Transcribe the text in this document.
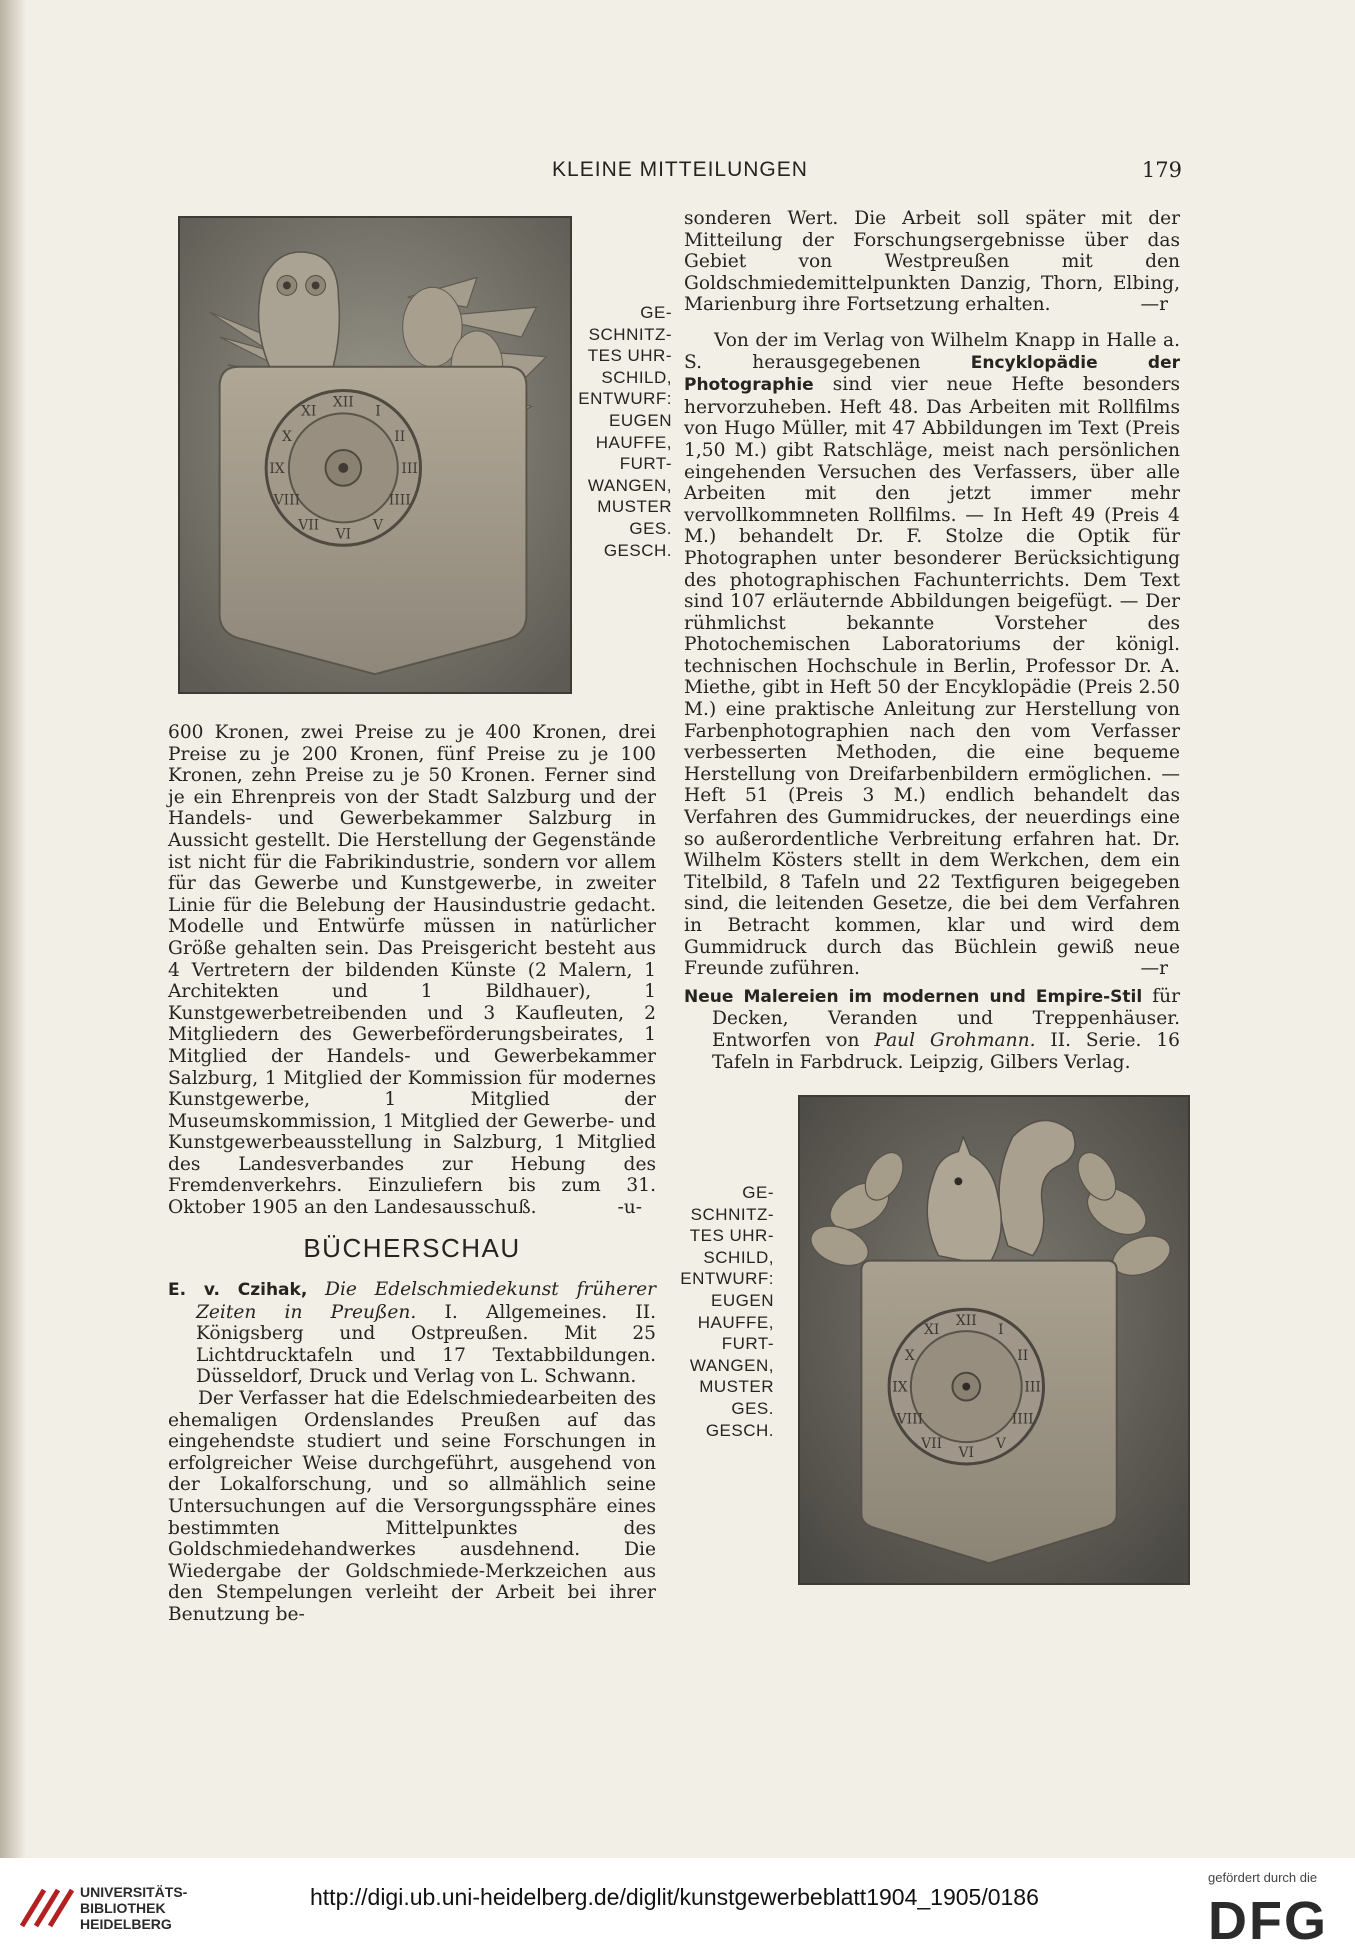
KLEINE MITTEILUNGEN	179
XII
I
II
III
IIII
V
VI
VII
VIII
IX
X
XI
GE-
SCHNITZ-
TES UHR-
SCHILD,
ENTWURF:
EUGEN
HAUFFE,
FURT-
WANGEN,
MUSTER
GES.
GESCH.

600 Kronen, zwei Preise zu je 400 Kronen, drei Preise zu je 200 Kronen, fünf Preise zu je 100 Kronen, zehn Preise zu je 50 Kronen. Ferner sind je ein Ehrenpreis von der Stadt Salzburg und der Handels- und Gewerbekammer Salzburg in Aussicht gestellt. Die Herstellung der Gegenstände ist nicht für die Fabrikindustrie, sondern vor allem für das Gewerbe und Kunstgewerbe, in zweiter Linie für die Belebung der Hausindustrie gedacht. Modelle und Entwürfe müssen in natürlicher Größe gehalten sein. Das Preisgericht besteht aus 4 Vertretern der bildenden Künste (2 Malern, 1 Architekten und 1 Bildhauer), 1 Kunstgewerbetreibenden und 3 Kaufleuten, 2 Mitgliedern des Gewerbeförderungsbeirates, 1 Mitglied der Handels- und Gewerbekammer Salzburg, 1 Mitglied der Kommission für modernes Kunstgewerbe, 1 Mitglied der Museumskommission, 1 Mitglied der Gewerbe- und Kunstgewerbeausstellung in Salzburg, 1 Mitglied des Landesverbandes zur Hebung des Fremdenverkehrs. Einzuliefern bis zum 31. Oktober 1905 an den Landesausschuß.	-u-

BÜCHERSCHAU

E. v. Czihak, Die Edelschmiedekunst früherer Zeiten in Preußen. I. Allgemeines. II. Königsberg und Ostpreußen. Mit 25 Lichtdrucktafeln und 17 Textabbildungen. Düsseldorf, Druck und Verlag von L. Schwann.

Der Verfasser hat die Edelschmiedearbeiten des ehemaligen Ordenslandes Preußen auf das eingehendste studiert und seine Forschungen in erfolgreicher Weise durchgeführt, ausgehend von der Lokalforschung, und so allmählich seine Untersuchungen auf die Versorgungssphäre eines bestimmten Mittelpunktes des Goldschmiedehandwerkes ausdehnend. Die Wiedergabe der Goldschmiede-Merkzeichen aus den Stempelungen verleiht der Arbeit bei ihrer Benutzung be-

sonderen Wert. Die Arbeit soll später mit der Mitteilung der Forschungsergebnisse über das Gebiet von Westpreußen mit den Goldschmiedemittelpunkten Danzig, Thorn, Elbing, Marienburg ihre Fortsetzung erhalten.	—r

Von der im Verlag von Wilhelm Knapp in Halle a. S. herausgegebenen	Encyklopädie der Photographie sind vier neue Hefte besonders hervorzuheben. Heft 48. Das Arbeiten mit Rollfilms von Hugo Müller, mit 47 Abbildungen im Text (Preis 1,50 M.) gibt Ratschläge, meist nach persönlichen eingehenden Versuchen des Verfassers, über alle Arbeiten mit den jetzt immer mehr vervollkommneten Rollfilms. — In Heft 49 (Preis 4 M.) behandelt Dr. F. Stolze die Optik für Photographen unter besonderer Berücksichtigung des photographischen Fachunterrichts. Dem Text sind 107 erläuternde Abbildungen beigefügt. — Der rühmlichst bekannte Vorsteher des Photochemischen Laboratoriums der königl. technischen Hochschule in Berlin, Professor Dr. A. Miethe, gibt in Heft 50 der Encyklopädie (Preis 2.50 M.) eine praktische Anleitung zur Herstellung von Farbenphotographien nach den vom Verfasser verbesserten Methoden, die eine bequeme Herstellung von Dreifarbenbildern ermöglichen. — Heft 51 (Preis 3 M.) endlich behandelt das Verfahren des Gummidruckes, der neuerdings eine so außerordentliche Verbreitung erfahren hat. Dr. Wilhelm Kösters stellt in dem Werkchen, dem ein Titelbild, 8 Tafeln und 22 Textfiguren beigegeben sind, die leitenden Gesetze, die bei dem Verfahren in Betracht kommen, klar und wird dem Gummidruck durch das Büchlein gewiß neue Freunde zuführen.	—r

Neue Malereien im modernen und Empire-Stil für Decken, Veranden und Treppenhäuser. Entworfen von Paul Grohmann. II. Serie. 16 Tafeln in Farbdruck. Leipzig, Gilbers Verlag.

GE-
SCHNITZ-
TES UHR-
SCHILD,
ENTWURF:
EUGEN
HAUFFE,
FURT-
WANGEN,
MUSTER
GES.
GESCH.
XII
I
II
III
IIII
V
VI
VII
VIII
IX
X
XI
UNIVERSITÄTS-
BIBLIOTHEK
HEIDELBERG
http://digi.ub.uni-heidelberg.de/diglit/kunstgewerbeblatt1904_1905/0186
gefördert durch die
DFG
